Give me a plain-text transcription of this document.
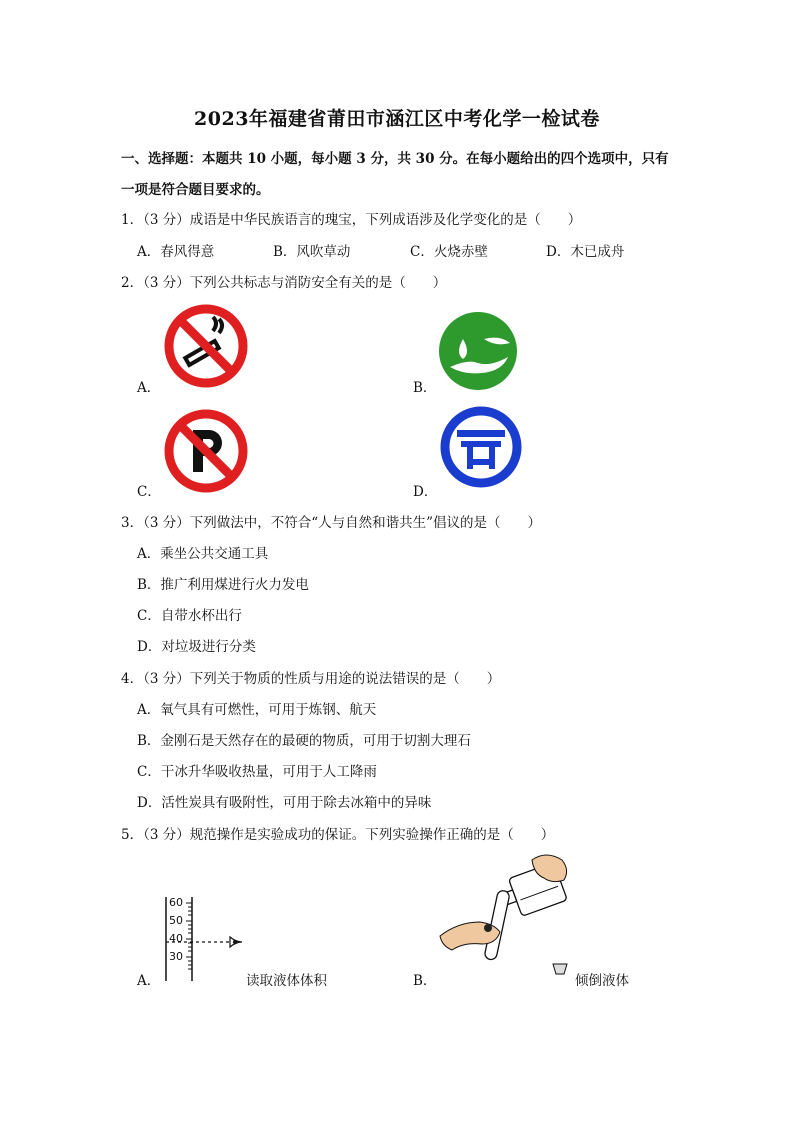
2023年福建省莆田市涵江区中考化学一检试卷
一、选择题：本题共 10 小题，每小题 3 分，共 30 分。在每小题给出的四个选项中，只有
一项是符合题目要求的。
1．（3 分）成语是中华民族语言的瑰宝，下列成语涉及化学变化的是（　　）
A．春风得意	B．风吹草动	C．火烧赤壁	D．木已成舟
2．（3 分）下列公共标志与消防安全有关的是（　　）
A．	B．
C．	D．
3．（3 分）下列做法中，不符合“人与自然和谐共生”倡议的是（　　）
A．乘坐公共交通工具
B．推广利用煤进行火力发电
C．自带水杯出行
D．对垃圾进行分类
4．（3 分）下列关于物质的性质与用途的说法错误的是（　　）
A．氧气具有可燃性，可用于炼钢、航天
B．金刚石是天然存在的最硬的物质，可用于切割大理石
C．干冰升华吸收热量，可用于人工降雨
D．活性炭具有吸附性，可用于除去冰箱中的异味
5．（3 分）规范操作是实验成功的保证。下列实验操作正确的是（　　）
A．
60
50
40
30
读取液体体积	B．	倾倒液体
